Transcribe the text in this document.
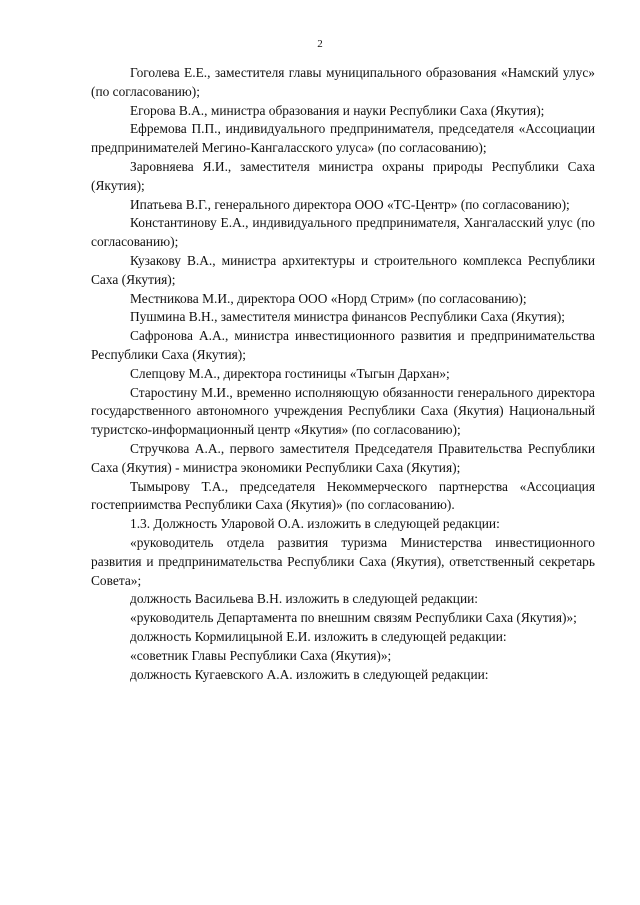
2

Гоголева Е.Е., заместителя главы муниципального образования «Намский улус» (по согласованию);

Егорова В.А., министра образования и науки Республики Саха (Якутия);

Ефремова П.П., индивидуального предпринимателя, председателя «Ассоциации предпринимателей Мегино-Кангаласского улуса» (по согласованию);

Заровняева Я.И., заместителя министра охраны природы Республики Саха (Якутия);

Ипатьева В.Г., генерального директора ООО «ТС-Центр» (по согласованию);

Константинову Е.А., индивидуального предпринимателя, Хангаласский улус (по согласованию);

Кузакову В.А., министра архитектуры и строительного комплекса Республики Саха (Якутия);

Местникова М.И., директора ООО «Норд Стрим» (по согласованию);

Пушмина В.Н., заместителя министра финансов Республики Саха (Якутия);

Сафронова А.А., министра инвестиционного развития и предпринимательства Республики Саха (Якутия);

Слепцову М.А., директора гостиницы «Тыгын Дархан»;

Старостину М.И., временно исполняющую обязанности генерального директора государственного автономного учреждения Республики Саха (Якутия) Национальный туристско-информационный центр «Якутия» (по согласованию);

Стручкова А.А., первого заместителя Председателя Правительства Республики Саха (Якутия) - министра экономики Республики Саха (Якутия);

Тымырову Т.А., председателя Некоммерческого партнерства «Ассоциация гостеприимства Республики Саха (Якутия)» (по согласованию).

1.3. Должность Уларовой О.А. изложить в следующей редакции:

«руководитель отдела развития туризма Министерства инвестиционного развития и предпринимательства Республики Саха (Якутия), ответственный секретарь Совета»;

должность Васильева В.Н. изложить в следующей редакции:

«руководитель Департамента по внешним связям Республики Саха (Якутия)»;

должность Кормилицыной Е.И. изложить в следующей редакции:

«советник Главы Республики Саха (Якутия)»;

должность Кугаевского А.А. изложить в следующей редакции:
